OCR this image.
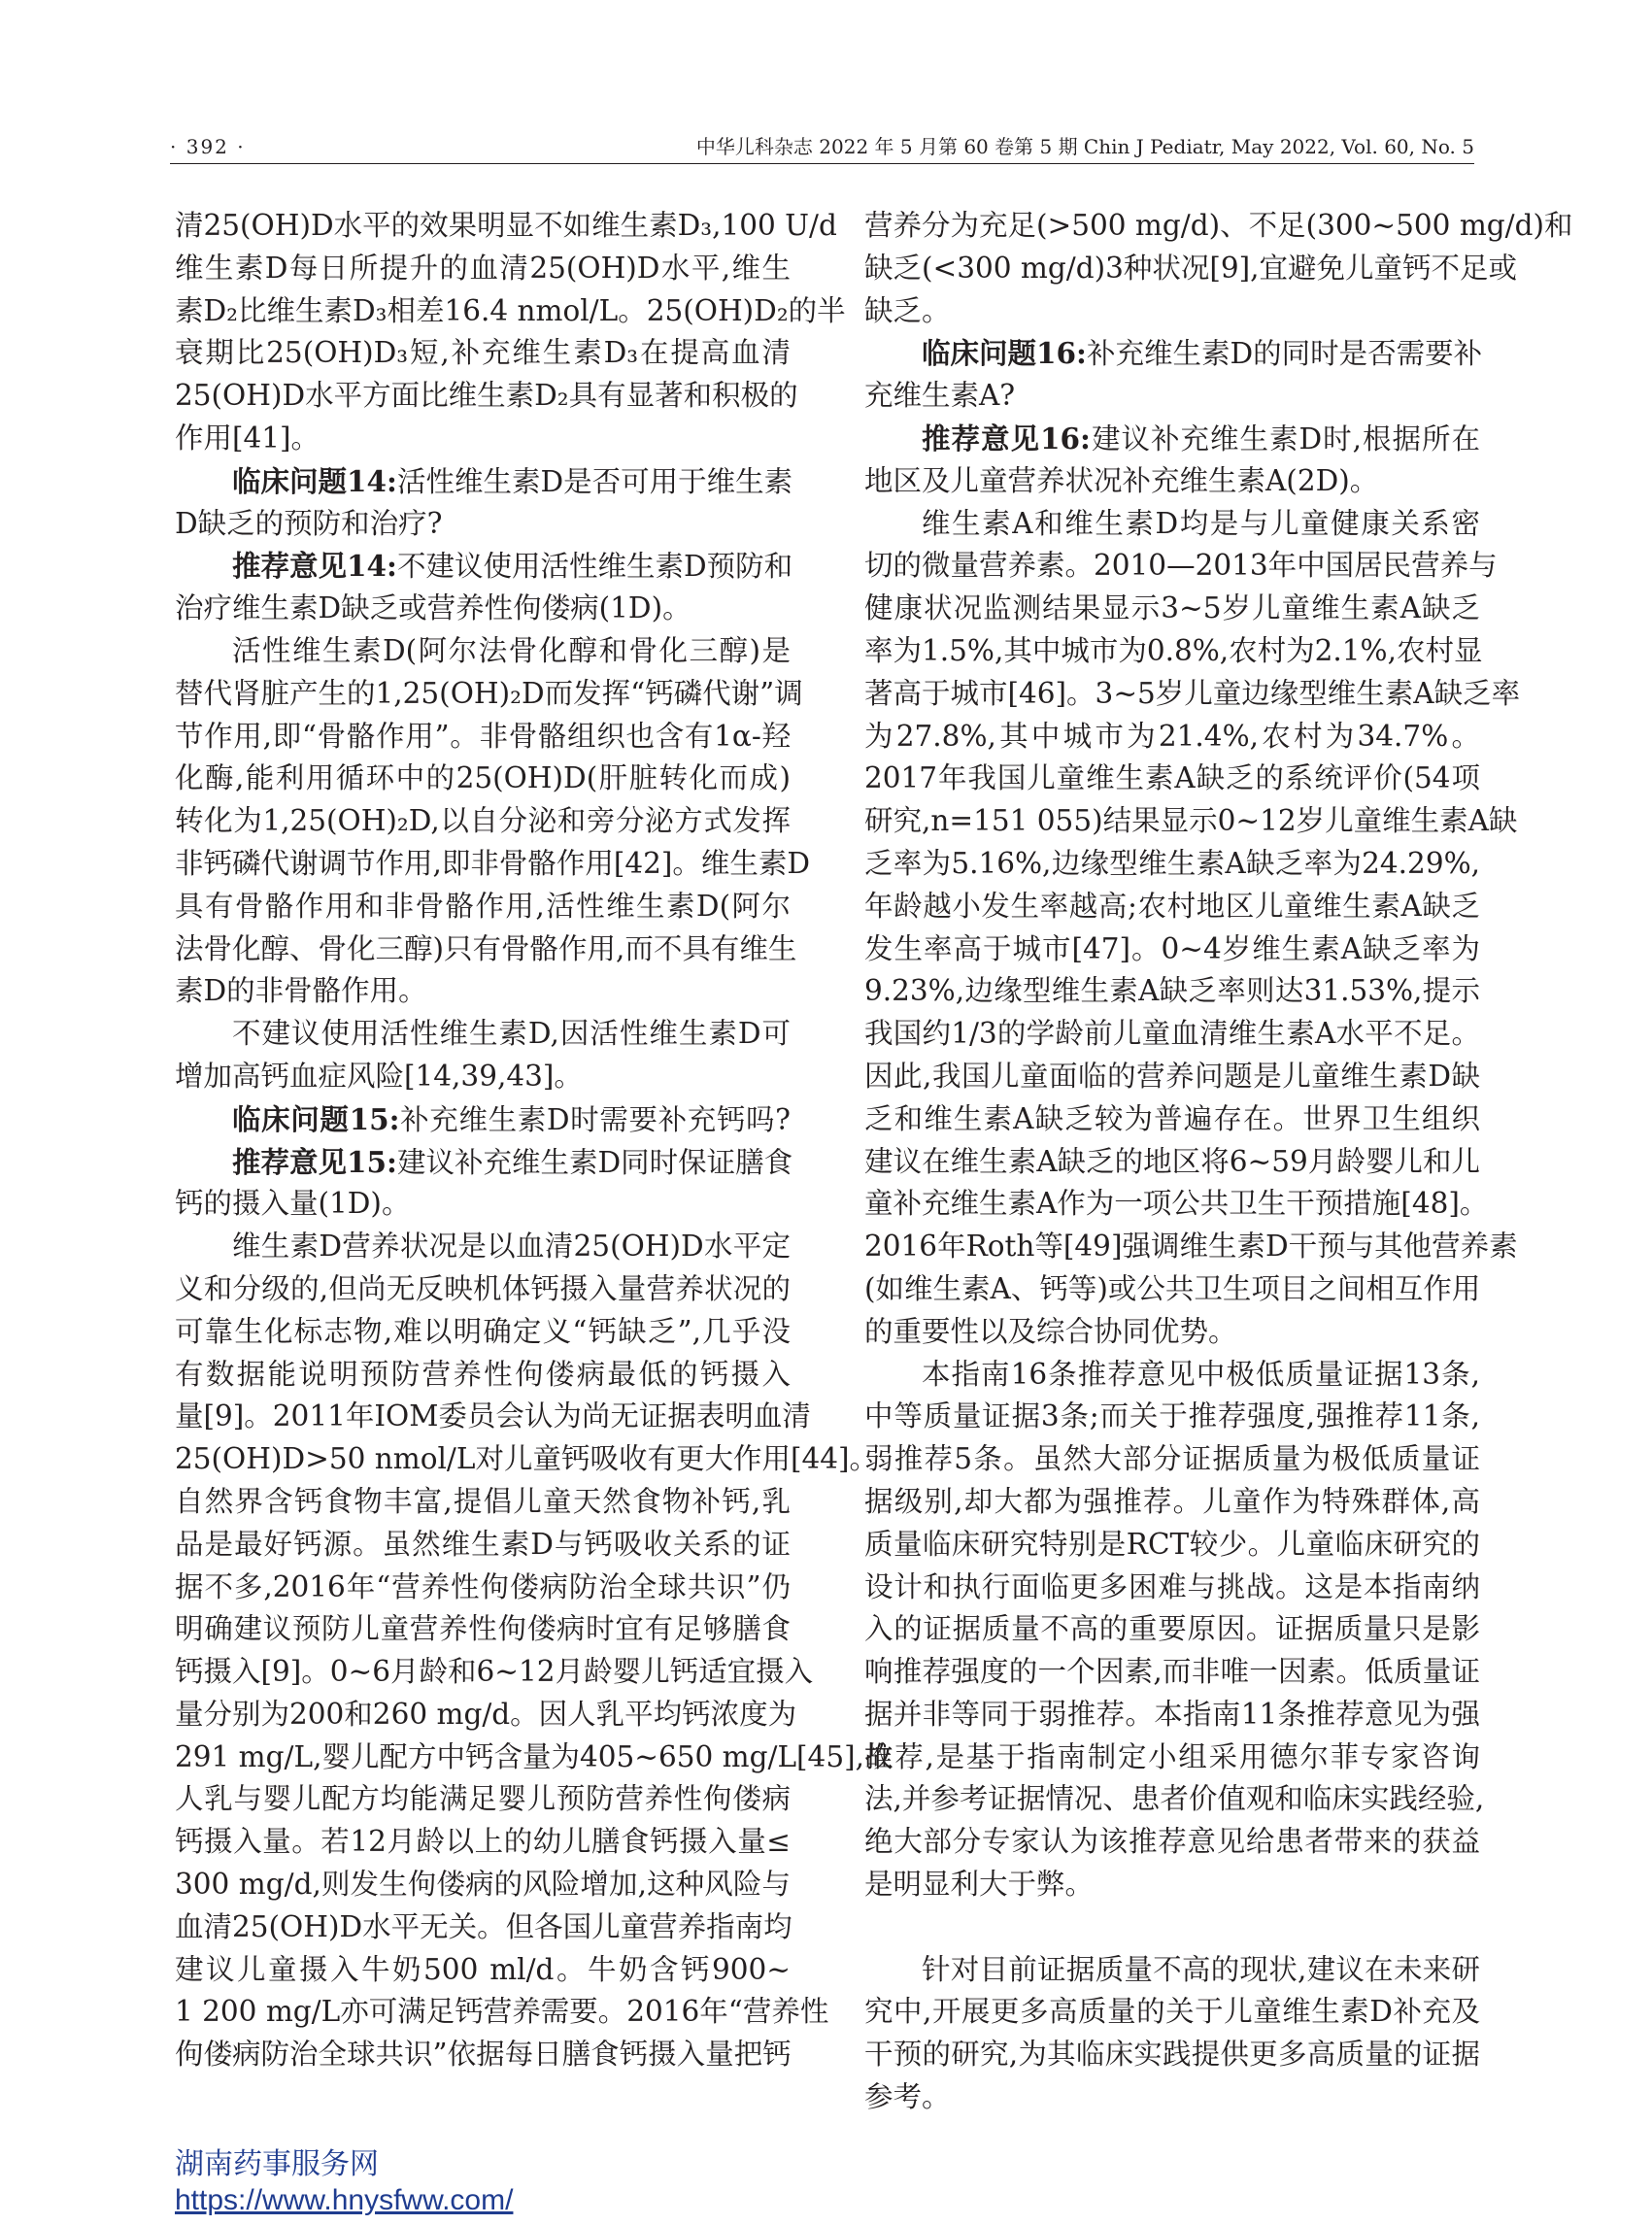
· 392 ·	中华儿科杂志 2022 年 5 月第 60 卷第 5 期 Chin J Pediatr, May 2022, Vol. 60, No. 5
清25(OH)D水平的效果明显不如维生素D₃,100 U/d
维生素D每日所提升的血清25(OH)D水平,维生
素D₂比维生素D₃相差16.4 nmol/L。25(OH)D₂的半
衰期比25(OH)D₃短,补充维生素D₃在提高血清
25(OH)D水平方面比维生素D₂具有显著和积极的
作用[41]。
临床问题14:活性维生素D是否可用于维生素
D缺乏的预防和治疗?
推荐意见14:不建议使用活性维生素D预防和
治疗维生素D缺乏或营养性佝偻病(1D)。
活性维生素D(阿尔法骨化醇和骨化三醇)是
替代肾脏产生的1,25(OH)₂D而发挥“钙磷代谢”调
节作用,即“骨骼作用”。非骨骼组织也含有1α-羟
化酶,能利用循环中的25(OH)D(肝脏转化而成)
转化为1,25(OH)₂D,以自分泌和旁分泌方式发挥
非钙磷代谢调节作用,即非骨骼作用[42]。维生素D
具有骨骼作用和非骨骼作用,活性维生素D(阿尔
法骨化醇、骨化三醇)只有骨骼作用,而不具有维生
素D的非骨骼作用。
不建议使用活性维生素D,因活性维生素D可
增加高钙血症风险[14,39,43]。
临床问题15:补充维生素D时需要补充钙吗?
推荐意见15:建议补充维生素D同时保证膳食
钙的摄入量(1D)。
维生素D营养状况是以血清25(OH)D水平定
义和分级的,但尚无反映机体钙摄入量营养状况的
可靠生化标志物,难以明确定义“钙缺乏”,几乎没
有数据能说明预防营养性佝偻病最低的钙摄入
量[9]。2011年IOM委员会认为尚无证据表明血清
25(OH)D>50 nmol/L对儿童钙吸收有更大作用[44]。
自然界含钙食物丰富,提倡儿童天然食物补钙,乳
品是最好钙源。虽然维生素D与钙吸收关系的证
据不多,2016年“营养性佝偻病防治全球共识”仍
明确建议预防儿童营养性佝偻病时宜有足够膳食
钙摄入[9]。0~6月龄和6~12月龄婴儿钙适宜摄入
量分别为200和260 mg/d。因人乳平均钙浓度为
291 mg/L,婴儿配方中钙含量为405~650 mg/L[45],故
人乳与婴儿配方均能满足婴儿预防营养性佝偻病
钙摄入量。若12月龄以上的幼儿膳食钙摄入量≤
300 mg/d,则发生佝偻病的风险增加,这种风险与
血清25(OH)D水平无关。但各国儿童营养指南均
建议儿童摄入牛奶500 ml/d。牛奶含钙900~
1 200 mg/L亦可满足钙营养需要。2016年“营养性
佝偻病防治全球共识”依据每日膳食钙摄入量把钙
营养分为充足(>500 mg/d)、不足(300~500 mg/d)和
缺乏(<300 mg/d)3种状况[9],宜避免儿童钙不足或
缺乏。
临床问题16:补充维生素D的同时是否需要补
充维生素A?
推荐意见16:建议补充维生素D时,根据所在
地区及儿童营养状况补充维生素A(2D)。
维生素A和维生素D均是与儿童健康关系密
切的微量营养素。2010—2013年中国居民营养与
健康状况监测结果显示3~5岁儿童维生素A缺乏
率为1.5%,其中城市为0.8%,农村为2.1%,农村显
著高于城市[46]。3~5岁儿童边缘型维生素A缺乏率
为27.8%,其中城市为21.4%,农村为34.7%。
2017年我国儿童维生素A缺乏的系统评价(54项
研究,n=151 055)结果显示0~12岁儿童维生素A缺
乏率为5.16%,边缘型维生素A缺乏率为24.29%,
年龄越小发生率越高;农村地区儿童维生素A缺乏
发生率高于城市[47]。0~4岁维生素A缺乏率为
9.23%,边缘型维生素A缺乏率则达31.53%,提示
我国约1/3的学龄前儿童血清维生素A水平不足。
因此,我国儿童面临的营养问题是儿童维生素D缺
乏和维生素A缺乏较为普遍存在。世界卫生组织
建议在维生素A缺乏的地区将6~59月龄婴儿和儿
童补充维生素A作为一项公共卫生干预措施[48]。
2016年Roth等[49]强调维生素D干预与其他营养素
(如维生素A、钙等)或公共卫生项目之间相互作用
的重要性以及综合协同优势。
本指南16条推荐意见中极低质量证据13条,
中等质量证据3条;而关于推荐强度,强推荐11条,
弱推荐5条。虽然大部分证据质量为极低质量证
据级别,却大都为强推荐。儿童作为特殊群体,高
质量临床研究特别是RCT较少。儿童临床研究的
设计和执行面临更多困难与挑战。这是本指南纳
入的证据质量不高的重要原因。证据质量只是影
响推荐强度的一个因素,而非唯一因素。低质量证
据并非等同于弱推荐。本指南11条推荐意见为强
推荐,是基于指南制定小组采用德尔菲专家咨询
法,并参考证据情况、患者价值观和临床实践经验,
绝大部分专家认为该推荐意见给患者带来的获益
是明显利大于弊。
针对目前证据质量不高的现状,建议在未来研
究中,开展更多高质量的关于儿童维生素D补充及
干预的研究,为其临床实践提供更多高质量的证据
参考。
湖南药事服务网
https://www.hnysfww.com/
